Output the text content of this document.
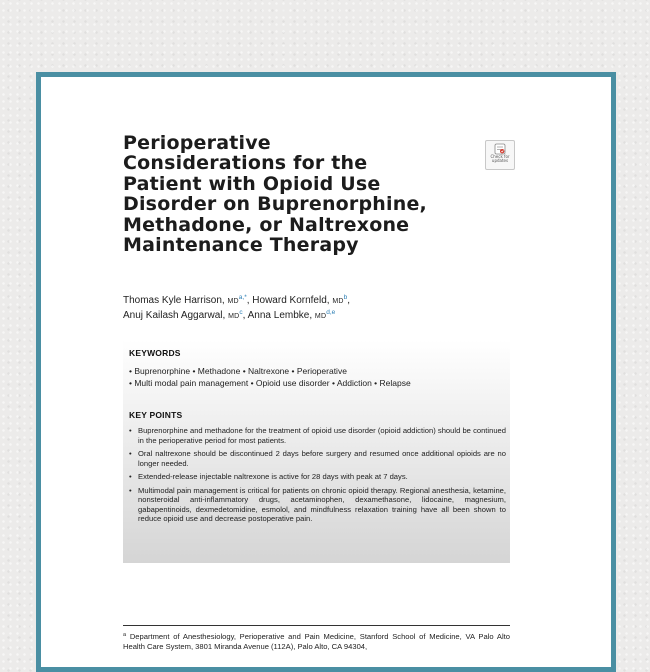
Perioperative
Considerations for the
Patient with Opioid Use
Disorder on Buprenorphine,
Methadone, or Naltrexone
Maintenance Therapy
Check for
updates
Thomas Kyle Harrison, $MD^{a,*}$, Howard Kornfeld, $MD^b$,
Anuj Kailash Aggarwal, $MD^c$, Anna Lembke, MD$^{d,e}$
KEYWORDS
• Buprenorphine • Methadone • Naltrexone • Perioperative
• Multi modal pain management • Opioid use disorder • Addiction • Relapse
KEY POINTS
• Buprenorphine and methadone for the treatment of opioid use disorder (opioid addiction) should be continued in the perioperative period for most patients.
• Oral naltrexone should be discontinued 2 days before surgery and resumed once additional opioids are no longer needed.
• Extended-release injectable naltrexone is active for 28 days with peak at 7 days.
• Multimodal pain management is critical for patients on chronic opioid therapy. Regional anesthesia, ketamine, nonsteroidal anti-inflammatory drugs, acetaminophen, dexamethasone, lidocaine, magnesium, gabapentinoids, dexmedetomidine, esmolol, and mindfulness relaxation training have all been shown to reduce opioid use and decrease postoperative pain.
$^a$ Department of Anesthesiology, Perioperative and Pain Medicine, Stanford School of Medicine, VA Palo Alto Health Care System, 3801 Miranda Avenue (112A), Palo Alto, CA 94304,
